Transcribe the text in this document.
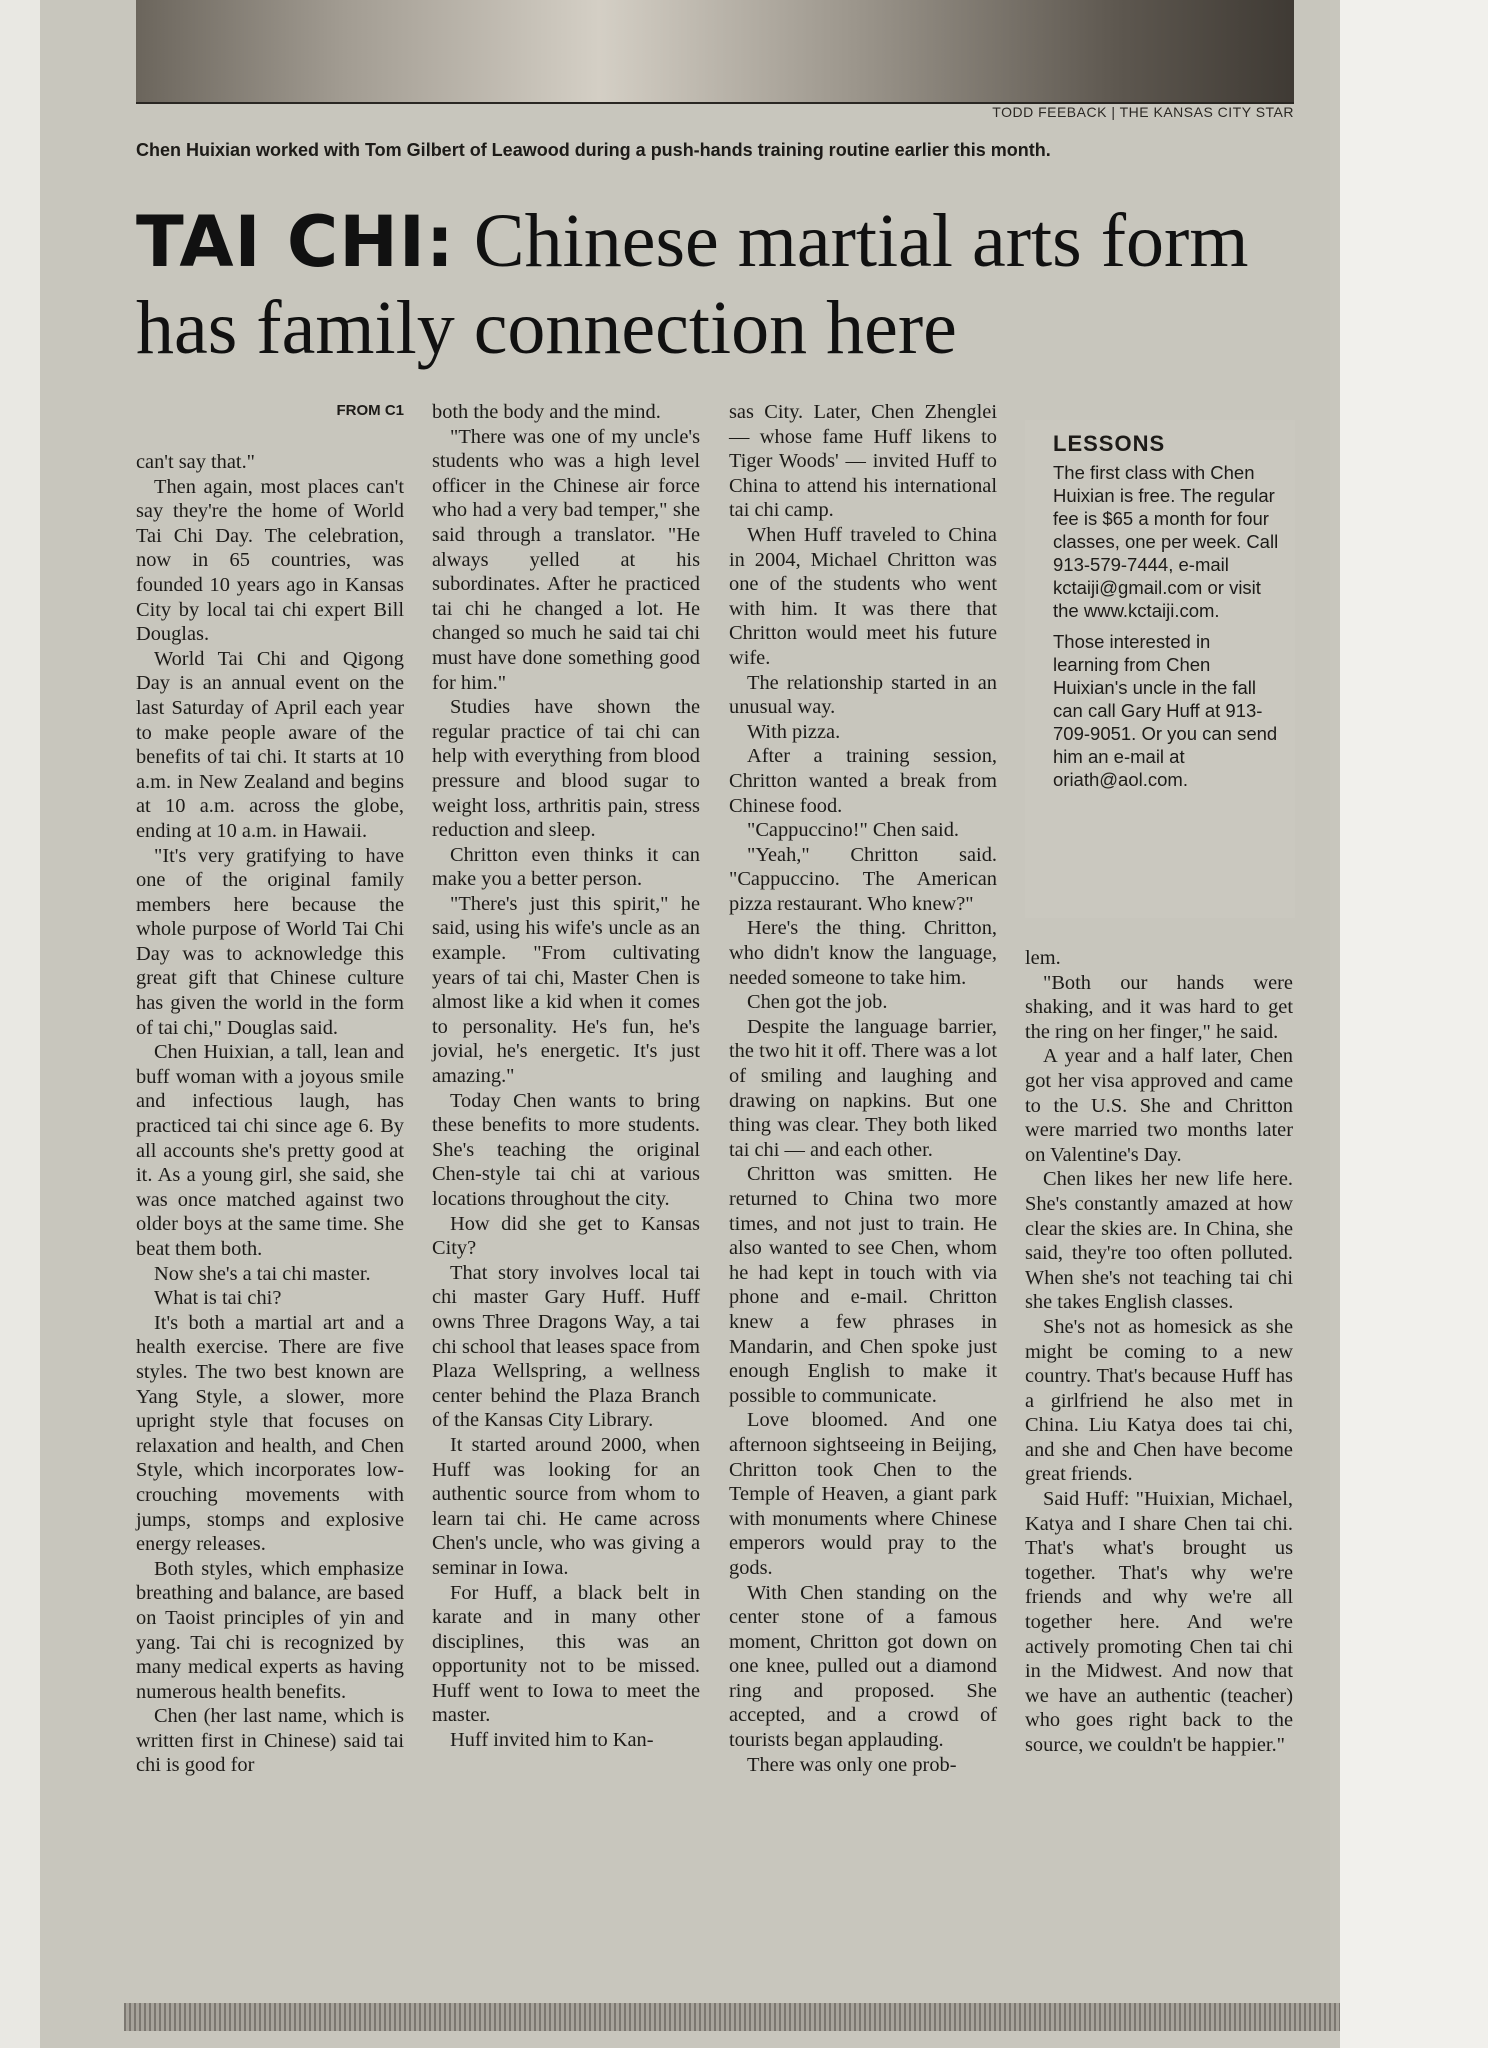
TODD FEEBACK | THE KANSAS CITY STAR
Chen Huixian worked with Tom Gilbert of Leawood during a push-hands training routine earlier this month.
TAI CHI: Chinese martial arts form has family connection here
FROM C1

can't say that."

Then again, most places can't say they're the home of World Tai Chi Day. The celebration, now in 65 countries, was founded 10 years ago in Kansas City by local tai chi expert Bill Douglas.

World Tai Chi and Qigong Day is an annual event on the last Saturday of April each year to make people aware of the benefits of tai chi. It starts at 10 a.m. in New Zealand and begins at 10 a.m. across the globe, ending at 10 a.m. in Hawaii.

"It's very gratifying to have one of the original family members here because the whole purpose of World Tai Chi Day was to acknowledge this great gift that Chinese culture has given the world in the form of tai chi," Douglas said.

Chen Huixian, a tall, lean and buff woman with a joyous smile and infectious laugh, has practiced tai chi since age 6. By all accounts she's pretty good at it. As a young girl, she said, she was once matched against two older boys at the same time. She beat them both.

Now she's a tai chi master.

What is tai chi?

It's both a martial art and a health exercise. There are five styles. The two best known are Yang Style, a slower, more upright style that focuses on relaxation and health, and Chen Style, which incorporates low-crouching movements with jumps, stomps and explosive energy releases.

Both styles, which emphasize breathing and balance, are based on Taoist principles of yin and yang. Tai chi is recognized by many medical experts as having numerous health benefits.

Chen (her last name, which is written first in Chinese) said tai chi is good for

both the body and the mind.

"There was one of my uncle's students who was a high level officer in the Chinese air force who had a very bad temper," she said through a translator. "He always yelled at his subordinates. After he practiced tai chi he changed a lot. He changed so much he said tai chi must have done something good for him."

Studies have shown the regular practice of tai chi can help with everything from blood pressure and blood sugar to weight loss, arthritis pain, stress reduction and sleep.

Chritton even thinks it can make you a better person.

"There's just this spirit," he said, using his wife's uncle as an example. "From cultivating years of tai chi, Master Chen is almost like a kid when it comes to personality. He's fun, he's jovial, he's energetic. It's just amazing."

Today Chen wants to bring these benefits to more students. She's teaching the original Chen-style tai chi at various locations throughout the city.

How did she get to Kansas City?

That story involves local tai chi master Gary Huff. Huff owns Three Dragons Way, a tai chi school that leases space from Plaza Wellspring, a wellness center behind the Plaza Branch of the Kansas City Library.

It started around 2000, when Huff was looking for an authentic source from whom to learn tai chi. He came across Chen's uncle, who was giving a seminar in Iowa.

For Huff, a black belt in karate and in many other disciplines, this was an opportunity not to be missed. Huff went to Iowa to meet the master.

Huff invited him to Kan-

sas City. Later, Chen Zhenglei — whose fame Huff likens to Tiger Woods' — invited Huff to China to attend his international tai chi camp.

When Huff traveled to China in 2004, Michael Chritton was one of the students who went with him. It was there that Chritton would meet his future wife.

The relationship started in an unusual way.

With pizza.

After a training session, Chritton wanted a break from Chinese food.

"Cappuccino!" Chen said.

"Yeah," Chritton said. "Cappuccino. The American pizza restaurant. Who knew?"

Here's the thing. Chritton, who didn't know the language, needed someone to take him.

Chen got the job.

Despite the language barrier, the two hit it off. There was a lot of smiling and laughing and drawing on napkins. But one thing was clear. They both liked tai chi — and each other.

Chritton was smitten. He returned to China two more times, and not just to train. He also wanted to see Chen, whom he had kept in touch with via phone and e-mail. Chritton knew a few phrases in Mandarin, and Chen spoke just enough English to make it possible to communicate.

Love bloomed. And one afternoon sightseeing in Beijing, Chritton took Chen to the Temple of Heaven, a giant park with monuments where Chinese emperors would pray to the gods.

With Chen standing on the center stone of a famous moment, Chritton got down on one knee, pulled out a diamond ring and proposed. She accepted, and a crowd of tourists began applauding.

There was only one prob-

LESSONS

The first class with Chen Huixian is free. The regular fee is $65 a month for four classes, one per week. Call 913-579-7444, e-mail kctaiji@gmail.com or visit the www.kctaiji.com.

Those interested in learning from Chen Huixian's uncle in the fall can call Gary Huff at 913-709-9051. Or you can send him an e-mail at oriath@aol.com.

lem.

"Both our hands were shaking, and it was hard to get the ring on her finger," he said.

A year and a half later, Chen got her visa approved and came to the U.S. She and Chritton were married two months later on Valentine's Day.

Chen likes her new life here. She's constantly amazed at how clear the skies are. In China, she said, they're too often polluted. When she's not teaching tai chi she takes English classes.

She's not as homesick as she might be coming to a new country. That's because Huff has a girlfriend he also met in China. Liu Katya does tai chi, and she and Chen have become great friends.

Said Huff: "Huixian, Michael, Katya and I share Chen tai chi. That's what's brought us together. That's why we're friends and why we're all together here. And we're actively promoting Chen tai chi in the Midwest. And now that we have an authentic (teacher) who goes right back to the source, we couldn't be happier."
